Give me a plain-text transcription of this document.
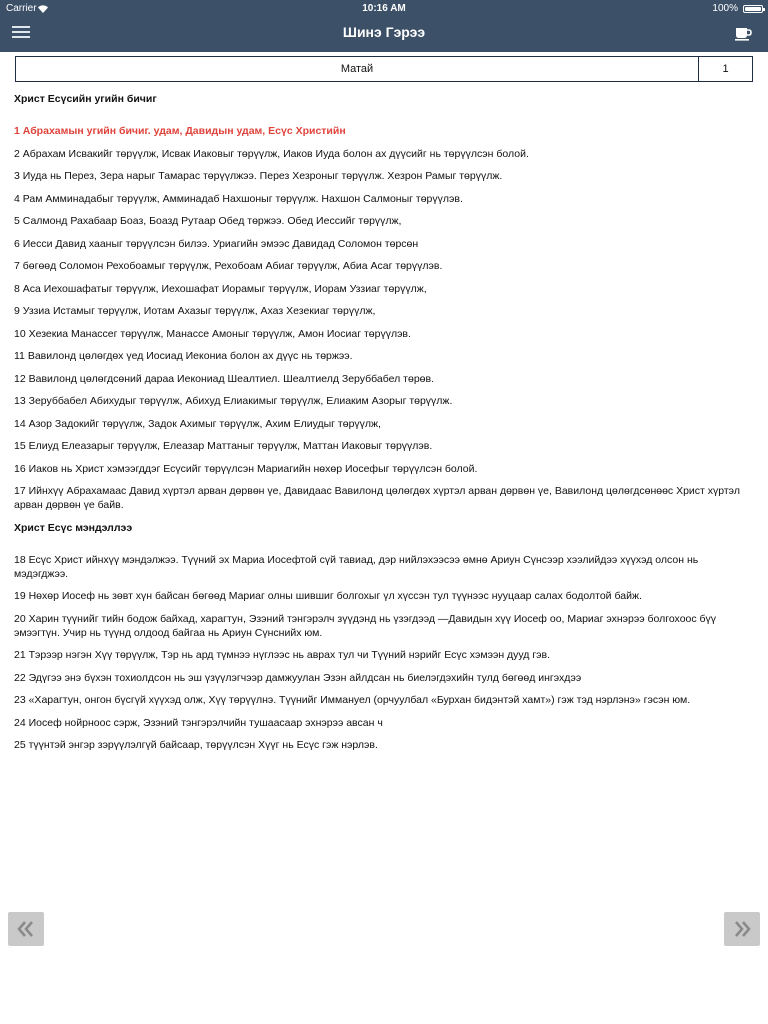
Carrier	10:16 AM	100%
Шинэ Гэрээ
Матай	1
Христ Есүсийн угийн бичиг
1 Абрахамын угийн бичиг. удам, Давидын удам, Есүс Христийн
2 Абрахам Исвакийг төрүүлж, Исвак Иаковыг төрүүлж, Иаков Иуда болон ах дүүсийг нь төрүүлсэн болой.
3 Иуда нь Перез, Зера нарыг Тамарас төрүүлжээ. Перез Хезроныг төрүүлж. Хезрон Рамыг төрүүлж.
4 Рам Амминадабыг төрүүлж, Амминадаб Нахшоныг төрүүлж. Нахшон Салмоныг төрүүлэв.
5 Салмонд Рахабаар Боаз, Боазд Рутаар Обед төржээ. Обед Иессийг төрүүлж,
6 Иесси Давид хааныг төрүүлсэн билээ. Уриагийн эмээс Давидад Соломон төрсөн
7 бөгөөд Соломон Рехобоамыг төрүүлж, Рехобоам Абиаг төрүүлж, Абиа Асаг төрүүлэв.
8 Аса Иехошафатыг төрүүлж, Иехошафат Иорамыг төрүүлж, Иорам Уззиаг төрүүлж,
9 Уззиа Истамыг төрүүлж, Иотам Ахазыг төрүүлж, Ахаз Хезекиаг төрүүлж,
10 Хезекиа Манассег төрүүлж, Манассе Амоныг төрүүлж, Амон Иосиаг төрүүлэв.
11 Вавилонд цөлөгдөх үед Иосиад Иекониа болон ах дүүс нь төржээ.
12 Вавилонд цөлөгдсөний дараа Иекониад Шеалтиел. Шеалтиелд Зеруббабел төрөв.
13 Зеруббабел Абихудыг төрүүлж, Абихуд Елиакимыг төрүүлж, Елиаким Азорыг төрүүлж.
14 Азор Задокийг төрүүлж, Задок Ахимыг төрүүлж, Ахим Елиудыг төрүүлж,
15 Елиуд Елеазарыг төрүүлж, Елеазар Маттаныг төрүүлж, Маттан Иаковыг төрүүлэв.
16 Иаков нь Христ хэмээгддэг Есүсийг төрүүлсэн Мариагийн нөхөр Иосефыг төрүүлсэн болой.
17 Ийнхүү Абрахамаас Давид хүртэл арван дөрвөн үе, Давидаас Вавилонд цөлөгдөх хүртэл арван дөрвөн үе, Вавилонд цөлөгдсөнөөс Христ хүртэл арван дөрвөн үе байв.
Христ Есүс мэндэллээ
18 Есүс Христ ийнхүү мэндэлжээ. Түүний эх Мариа Иосефтой сүй тавиад, дэр нийлэхээсээ өмнө Ариун Сүнсээр хээлийдээ хүүхэд олсон нь мэдэгджээ.
19 Нөхөр Иосеф нь зөвт хүн байсан бөгөөд Мариаг олны шившиг болгохыг үл хүссэн тул түүнээс нууцаар салах бодолтой байж.
20 Харин түүнийг тийн бодож байхад, харагтун, Эзэний тэнгэрэлч зүүдэнд нь үзэгдээд —Давидын хүү Иосеф оо, Мариаг эхнэрээ болгохоос бүү эмээгтүн. Учир нь түүнд олдоод байгаа нь Ариун Сүнснийх юм.
21 Тэрээр нэгэн Хүү төрүүлж, Тэр нь ард түмнээ нүглээс нь аврах тул чи Түүний нэрийг Есүс хэмээн дууд гэв.
22 Эдүгээ энэ бүхэн тохиолдсон нь эш үзүүлэгчээр дамжуулан Эзэн айлдсан нь биелэгдэхийн тулд бөгөөд ингэхдээ
23 «Харагтун, онгон бүсгүй хүүхэд олж, Хүү төрүүлнэ. Түүнийг Иммануел (орчуулбал «Бурхан бидэнтэй хамт») гэж тэд нэрлэнэ» гэсэн юм.
24 Иосеф нойрноос сэрж, Эзэний тэнгэрэлчийн тушаасаар эхнэрээ авсан ч
25 түүнтэй энгэр зэрүүлэлгүй байсаар, төрүүлсэн Хүүг нь Есүс гэж нэрлэв.
